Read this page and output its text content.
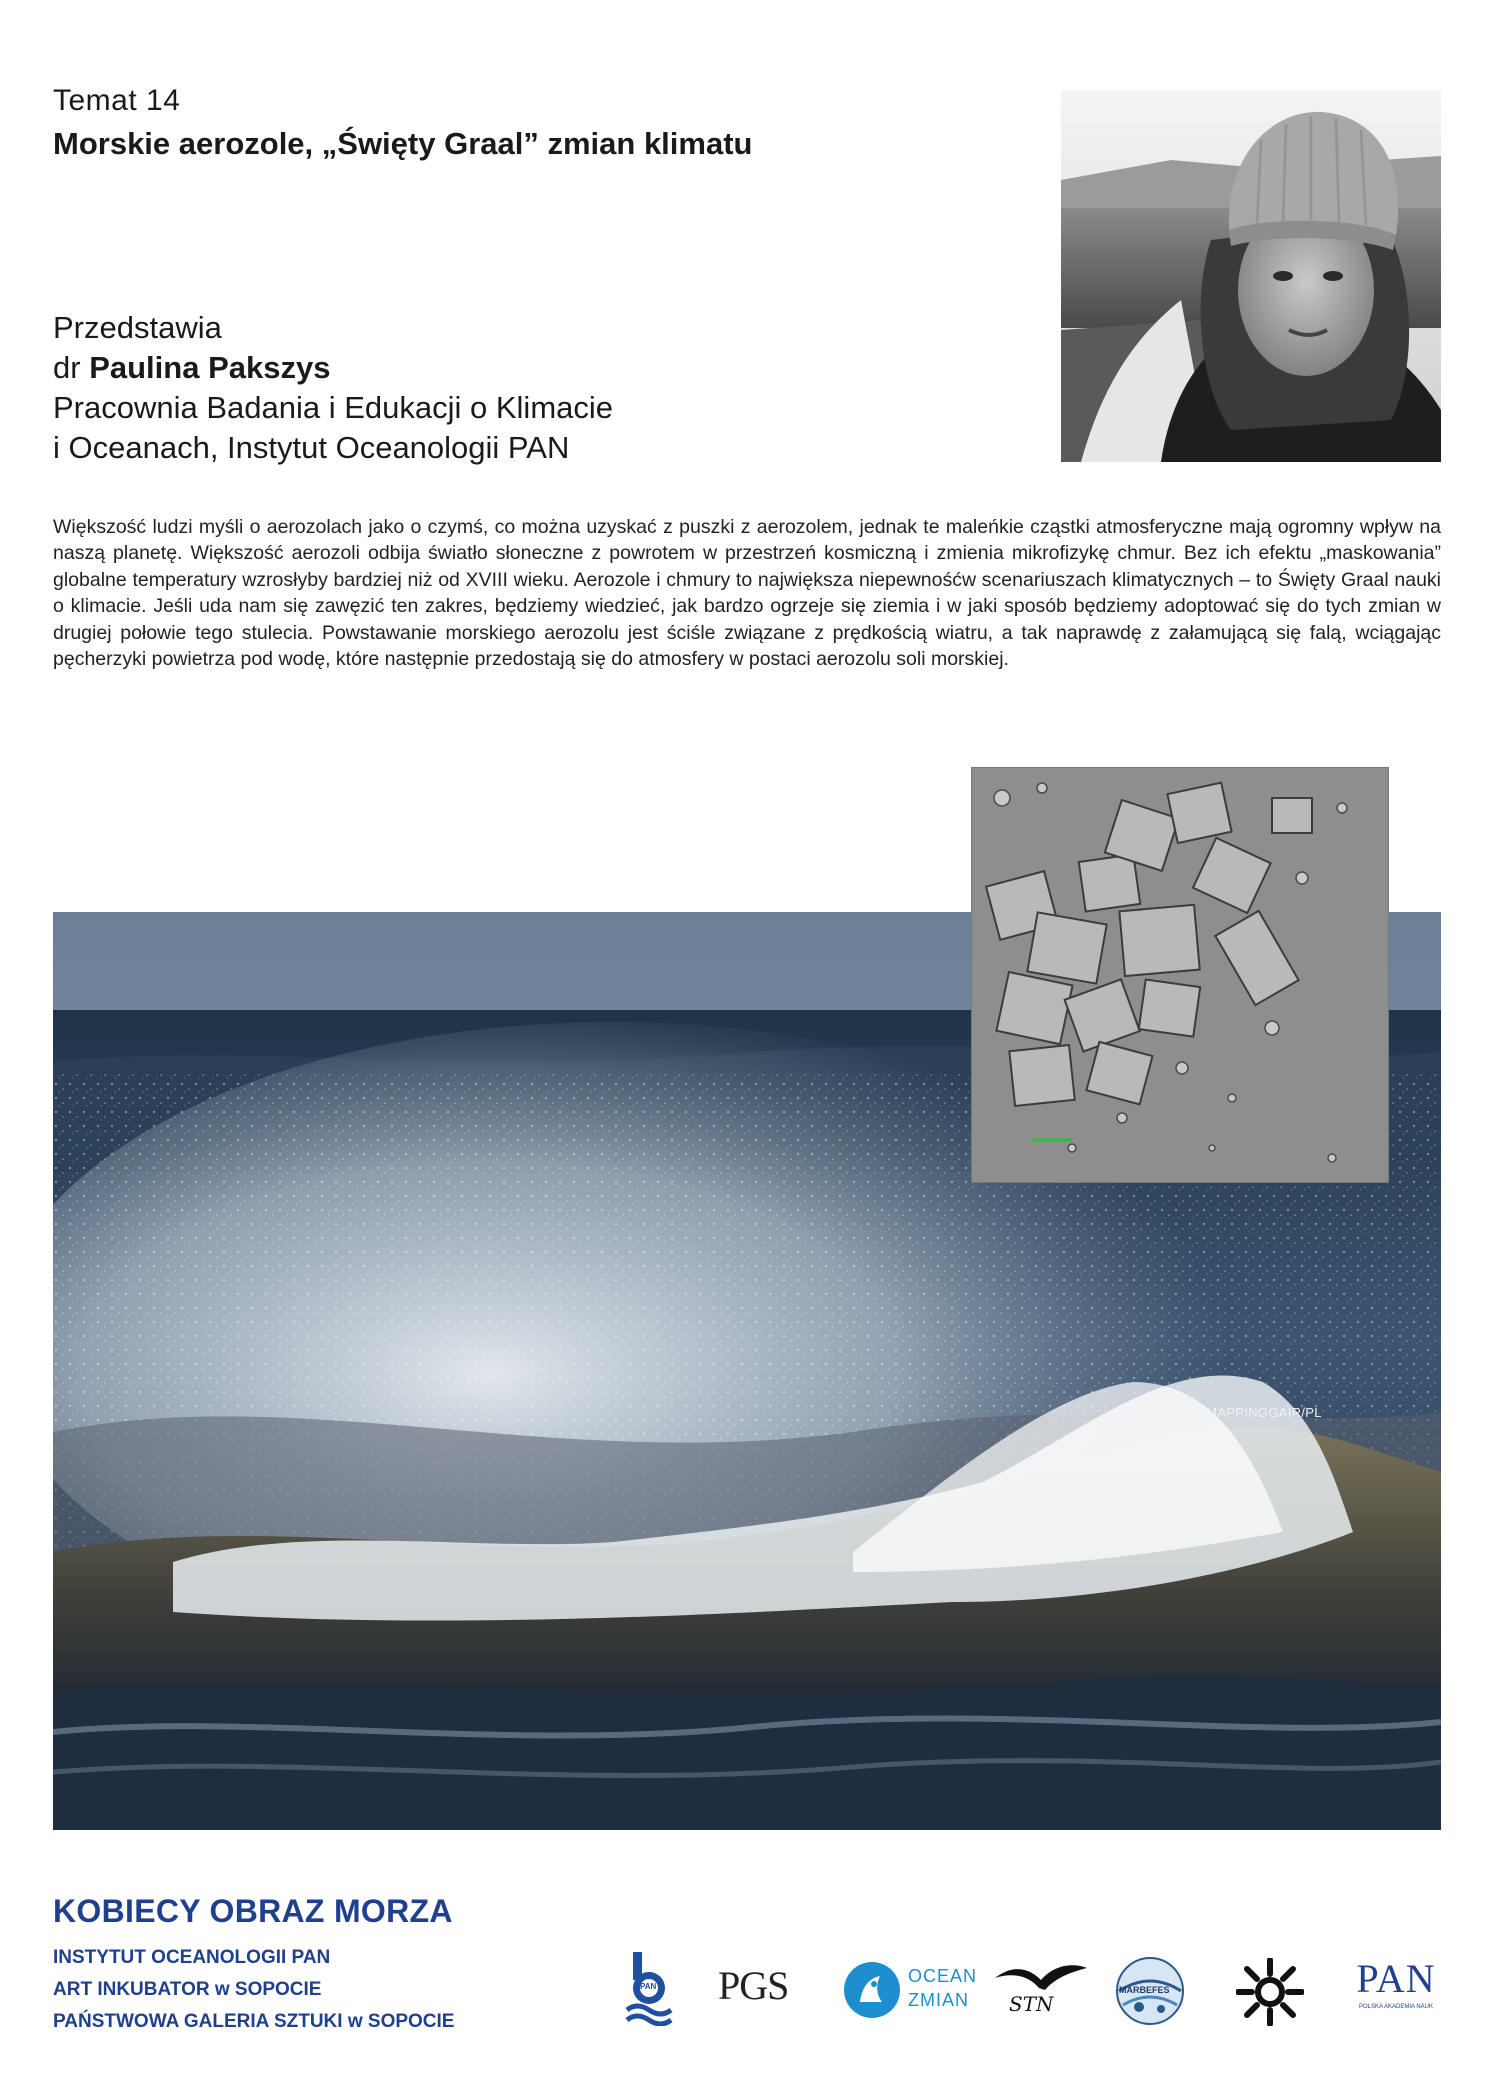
Temat 14
Morskie aerozole, „Święty Graal” zmian klimatu
Przedstawia
dr Paulina Pakszys
Pracownia Badania i Edukacji o Klimacie
i Oceanach, Instytut Oceanologii PAN
Większość ludzi myśli o aerozolach jako o czymś, co można uzyskać z puszki z aerozolem, jednak te maleńkie cząstki atmosferyczne mają ogromny wpływ na naszą planetę. Większość aerozoli odbija światło słoneczne z powrotem w przestrzeń kosmiczną i zmienia mikrofizykę chmur. Bez ich efektu „maskowania” globalne temperatury wzrosłyby bardziej niż od XVIII wieku. Aerozole i chmury to największa niepewnośćw scenariuszach klimatycznych – to Święty Graal nauki o klimacie. Jeśli uda nam się zawęzić ten zakres, będziemy wiedzieć, jak bardzo ogrzeje się ziemia i w jaki sposób będziemy adoptować się do tych zmian w drugiej połowie tego stulecia. Powstawanie morskiego aerozolu jest ściśle związane z prędkością wiatru, a tak naprawdę z załamującą się falą, wciągając pęcherzyki powietrza pod wodę, które następnie przedostają się do atmosfery w postaci aerozolu soli morskiej.
LIFE-MAPPINGGAIR/PL
KOBIECY OBRAZ MORZA
INSTYTUT OCEANOLOGII PAN
ART INKUBATOR w SOPOCIE
PAŃSTWOWA GALERIA SZTUKI w SOPOCIE
PAN PGS	OCEAN
ZMIAN STN
MARBEFES	PAN
POLSKA AKADEMIA NAUK
